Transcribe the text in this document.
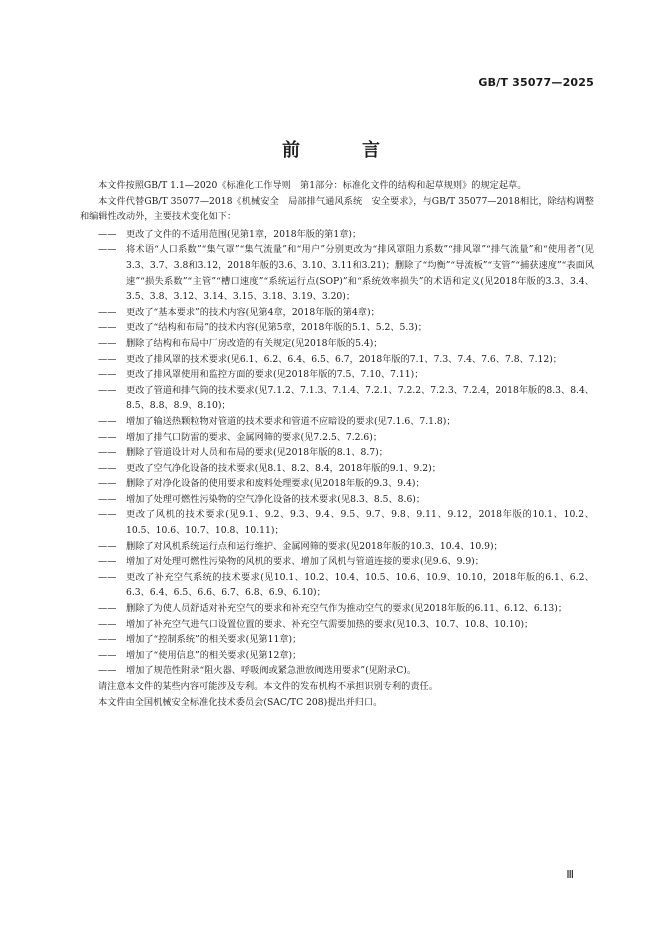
GB/T 35077—2025
前　言

本文件按照GB/T 1.1—2020《标准化工作导则　第1部分：标准化文件的结构和起草规则》的规定起草。

本文件代替GB/T 35077—2018《机械安全　局部排气通风系统　安全要求》，与GB/T 35077—2018相比，除结构调整和编辑性改动外，主要技术变化如下：

——	更改了文件的不适用范围(见第1章，2018年版的第1章)；
——	将术语“人口系数”“集气罩”“集气流量”和“用户”分别更改为“排风罩阻力系数”“排风罩”“排气流量”和“使用者”(见3.3、3.7、3.8和3.12，2018年版的3.6、3.10、3.11和3.21)；删除了“均衡”“导流板”“支管”“捕获速度”“表面风速”“损失系数”“主管”“槽口速度”“系统运行点(SOP)”和“系统效率损失”的术语和定义(见2018年版的3.3、3.4、3.5、3.8、3.12、3.14、3.15、3.18、3.19、3.20)；
——	更改了“基本要求”的技术内容(见第4章，2018年版的第4章)；
——	更改了“结构和布局”的技术内容(见第5章，2018年版的5.1、5.2、5.3)；
——	删除了结构和布局中厂房改造的有关规定(见2018年版的5.4)；
——	更改了排风罩的技术要求(见6.1、6.2、6.4、6.5、6.7，2018年版的7.1、7.3、7.4、7.6、7.8、7.12)；
——	更改了排风罩使用和监控方面的要求(见2018年版的7.5、7.10、7.11)；
——	更改了管道和排气筒的技术要求(见7.1.2、7.1.3、7.1.4、7.2.1、7.2.2、7.2.3、7.2.4，2018年版的8.3、8.4、8.5、8.8、8.9、8.10)；
——	增加了输送热颗粒物对管道的技术要求和管道不应暗设的要求(见7.1.6、7.1.8)；
——	增加了排气口防雷的要求、金属网筛的要求(见7.2.5、7.2.6)；
——	删除了管道设计对人员和布局的要求(见2018年版的8.1、8.7)；
——	更改了空气净化设备的技术要求(见8.1、8.2、8.4，2018年版的9.1、9.2)；
——	删除了对净化设备的使用要求和废料处理要求(见2018年版的9.3、9.4)；
——	增加了处理可燃性污染物的空气净化设备的技术要求(见8.3、8.5、8.6)；
——	更改了风机的技术要求(见9.1、9.2、9.3、9.4、9.5、9.7、9.8、9.11、9.12，2018年版的10.1、10.2、10.5、10.6、10.7、10.8、10.11)；
——	删除了对风机系统运行点和运行维护、金属网筛的要求(见2018年版的10.3、10.4、10.9)；
——	增加了对处理可燃性污染物的风机的要求、增加了风机与管道连接的要求(见9.6、9.9)；
——	更改了补充空气系统的技术要求(见10.1、10.2、10.4、10.5、10.6、10.9、10.10，2018年版的6.1、6.2、6.3、6.4、6.5、6.6、6.7、6.8、6.9、6.10)；
——	删除了为使人员舒适对补充空气的要求和补充空气作为推动空气的要求(见2018年版的6.11、6.12、6.13)；
——	增加了补充空气进气口设置位置的要求、补充空气需要加热的要求(见10.3、10.7、10.8、10.10)；
——	增加了“控制系统”的相关要求(见第11章)；
——	增加了“使用信息”的相关要求(见第12章)；
——	增加了规范性附录“阻火器、呼吸阀或紧急泄放阀选用要求”(见附录C)。

请注意本文件的某些内容可能涉及专利。本文件的发布机构不承担识别专利的责任。

本文件由全国机械安全标准化技术委员会(SAC/TC 208)提出并归口。

Ⅲ
